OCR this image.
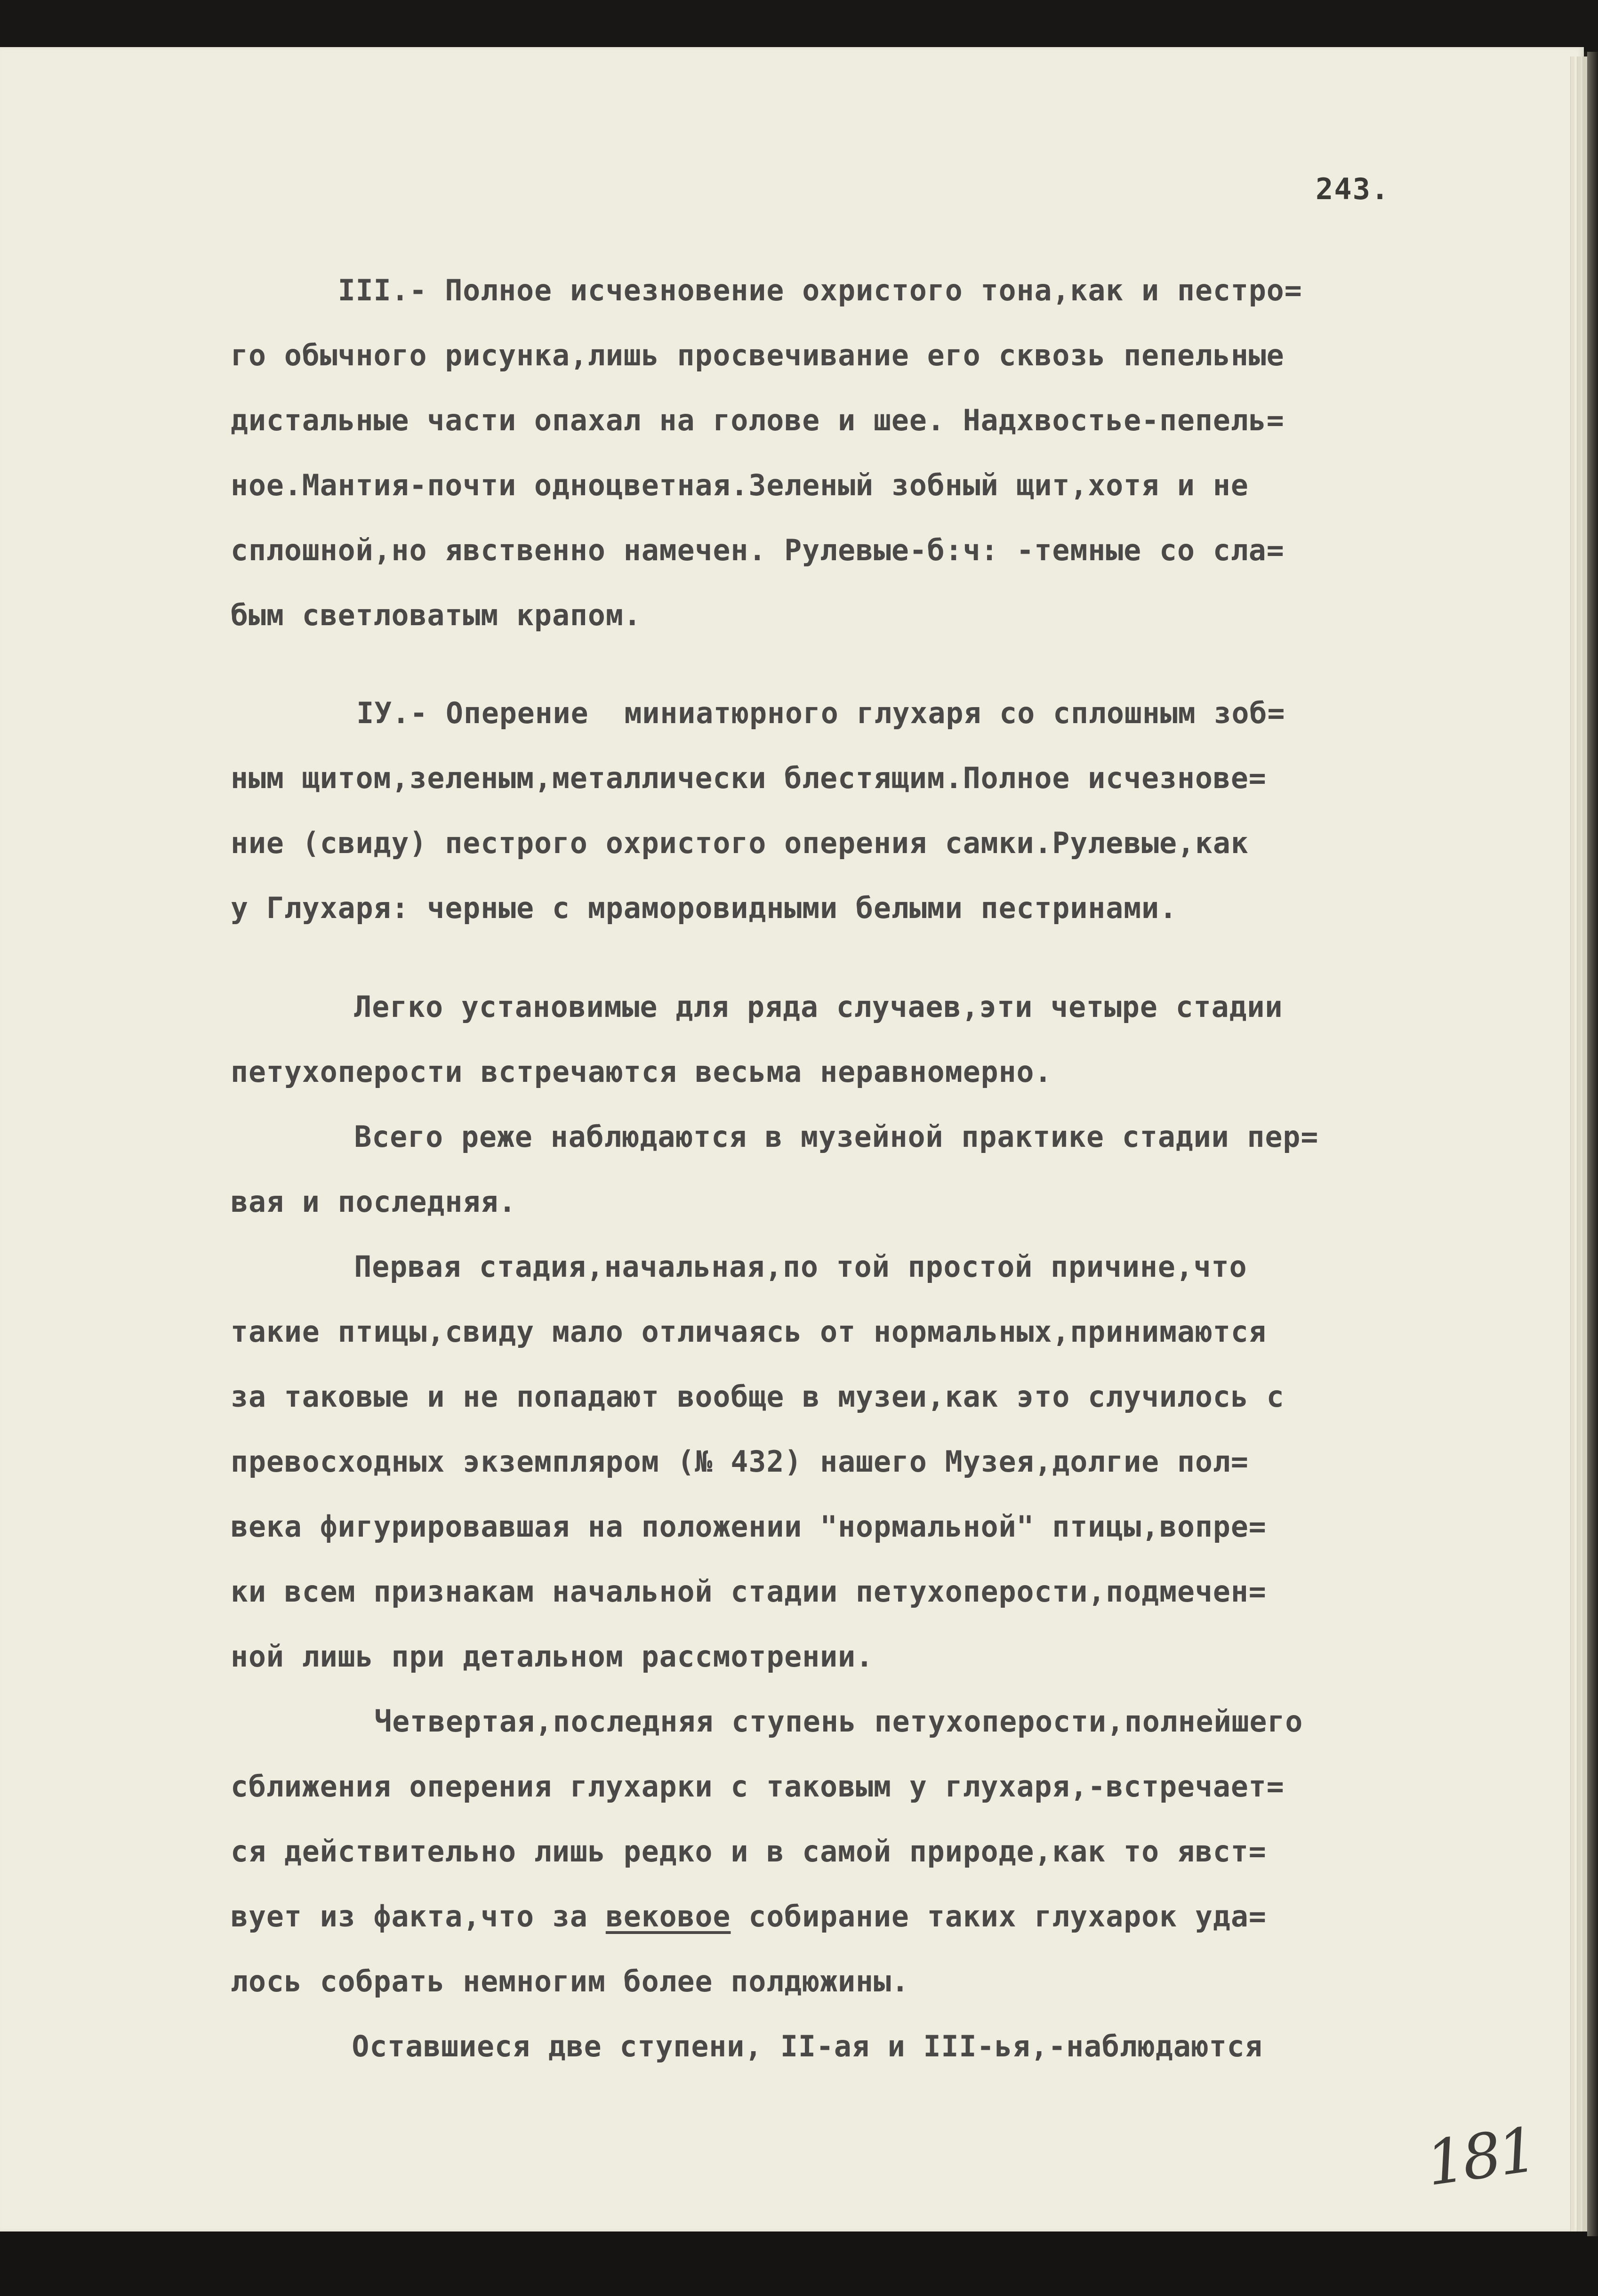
243.
III.- Полное исчезновение охристого тона,как и пестро=
го обычного рисунка,лишь просвечивание его сквозь пепельные
дистальные части опахал на голове и шее. Надхвостье-пепель=
ное.Мантия-почти одноцветная.Зеленый зобный щит,хотя и не
сплошной,но явственно намечен. Рулевые-б:ч: -темные со сла=
бым светловатым крапом.
IУ.- Оперение  миниатюрного глухаря со сплошным зоб=
ным щитом,зеленым,металлически блестящим.Полное исчезнове=
ние (свиду) пестрого охристого оперения самки.Рулевые,как
у Глухаря: черные с мраморовидными белыми пестринами.
Легко установимые для ряда случаев,эти четыре стадии
петухоперости встречаются весьма неравномерно.
Всего реже наблюдаются в музейной практике стадии пер=
вая и последняя.
Первая стадия,начальная,по той простой причине,что
такие птицы,свиду мало отличаясь от нормальных,принимаются
за таковые и не попадают вообще в музеи,как это случилось с
превосходных экземпляром (№ 432) нашего Музея,долгие пол=
века фигурировавшая на положении "нормальной" птицы,вопре=
ки всем признакам начальной стадии петухоперости,подмечен=
ной лишь при детальном рассмотрении.
Четвертая,последняя ступень петухоперости,полнейшего
сближения оперения глухарки с таковым у глухаря,-встречает=
ся действительно лишь редко и в самой природе,как то явст=
вует из факта,что за вековое собирание таких глухарок уда=
лось собрать немногим более полдюжины.
Оставшиеся две ступени, II-ая и III-ья,-наблюдаются
181
